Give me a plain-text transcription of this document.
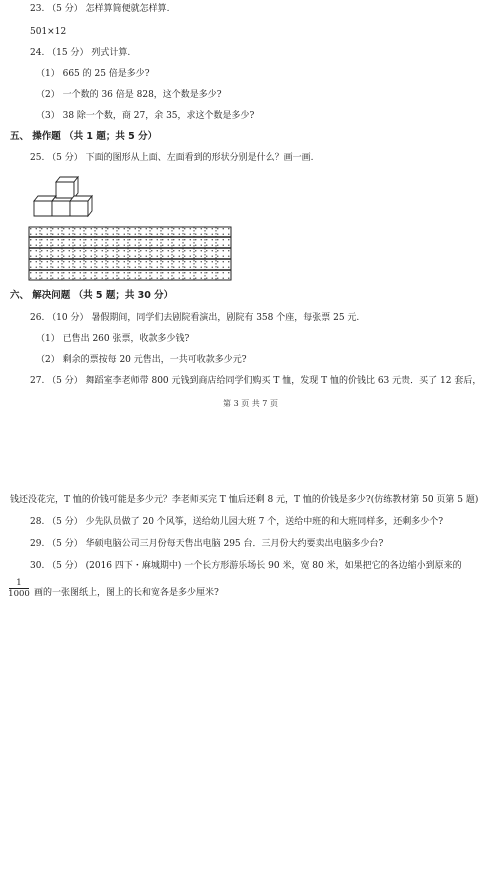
23. （5 分） 怎样算简便就怎样算.
501×12
24. （15 分） 列式计算.
（1） 665 的 25 倍是多少?
（2） 一个数的 36 倍是 828，这个数是多少?
（3） 38 除一个数，商 27，余 35，求这个数是多少?
五、 操作题 （共 1 题；共 5 分）
25. （5 分） 下面的图形从上面、左面看到的形状分别是什么？画一画.
六、 解决问题 （共 5 题；共 30 分）
26. （10 分） 暑假期间，同学们去剧院看演出，剧院有 358 个座，每张票 25 元.
（1） 已售出 260 张票，收款多少钱?
（2） 剩余的票按每 20 元售出，一共可收款多少元?
27. （5 分） 舞蹈室李老师带 800 元钱到商店给同学们购买 T 恤，发现 T 恤的价钱比 63 元贵．买了 12 套后，
第 3 页 共 7 页
钱还没花完，T 恤的价钱可能是多少元？李老师买完 T 恤后还剩 8 元，T 恤的价钱是多少?(仿练教材第 50 页第 5 题)
28. （5 分） 少先队员做了 20 个风筝，送给幼儿园大班 7 个，送给中班的和大班同样多，还剩多少个?
29. （5 分） 华硕电脑公司三月份每天售出电脑 295 台．三月份大约要卖出电脑多少台?
30. （5 分） (2016 四下・麻城期中) 一个长方形游乐场长 90 米，宽 80 米，如果把它的各边缩小到原来的
1
1000 画的一张图纸上，图上的长和宽各是多少厘米?
